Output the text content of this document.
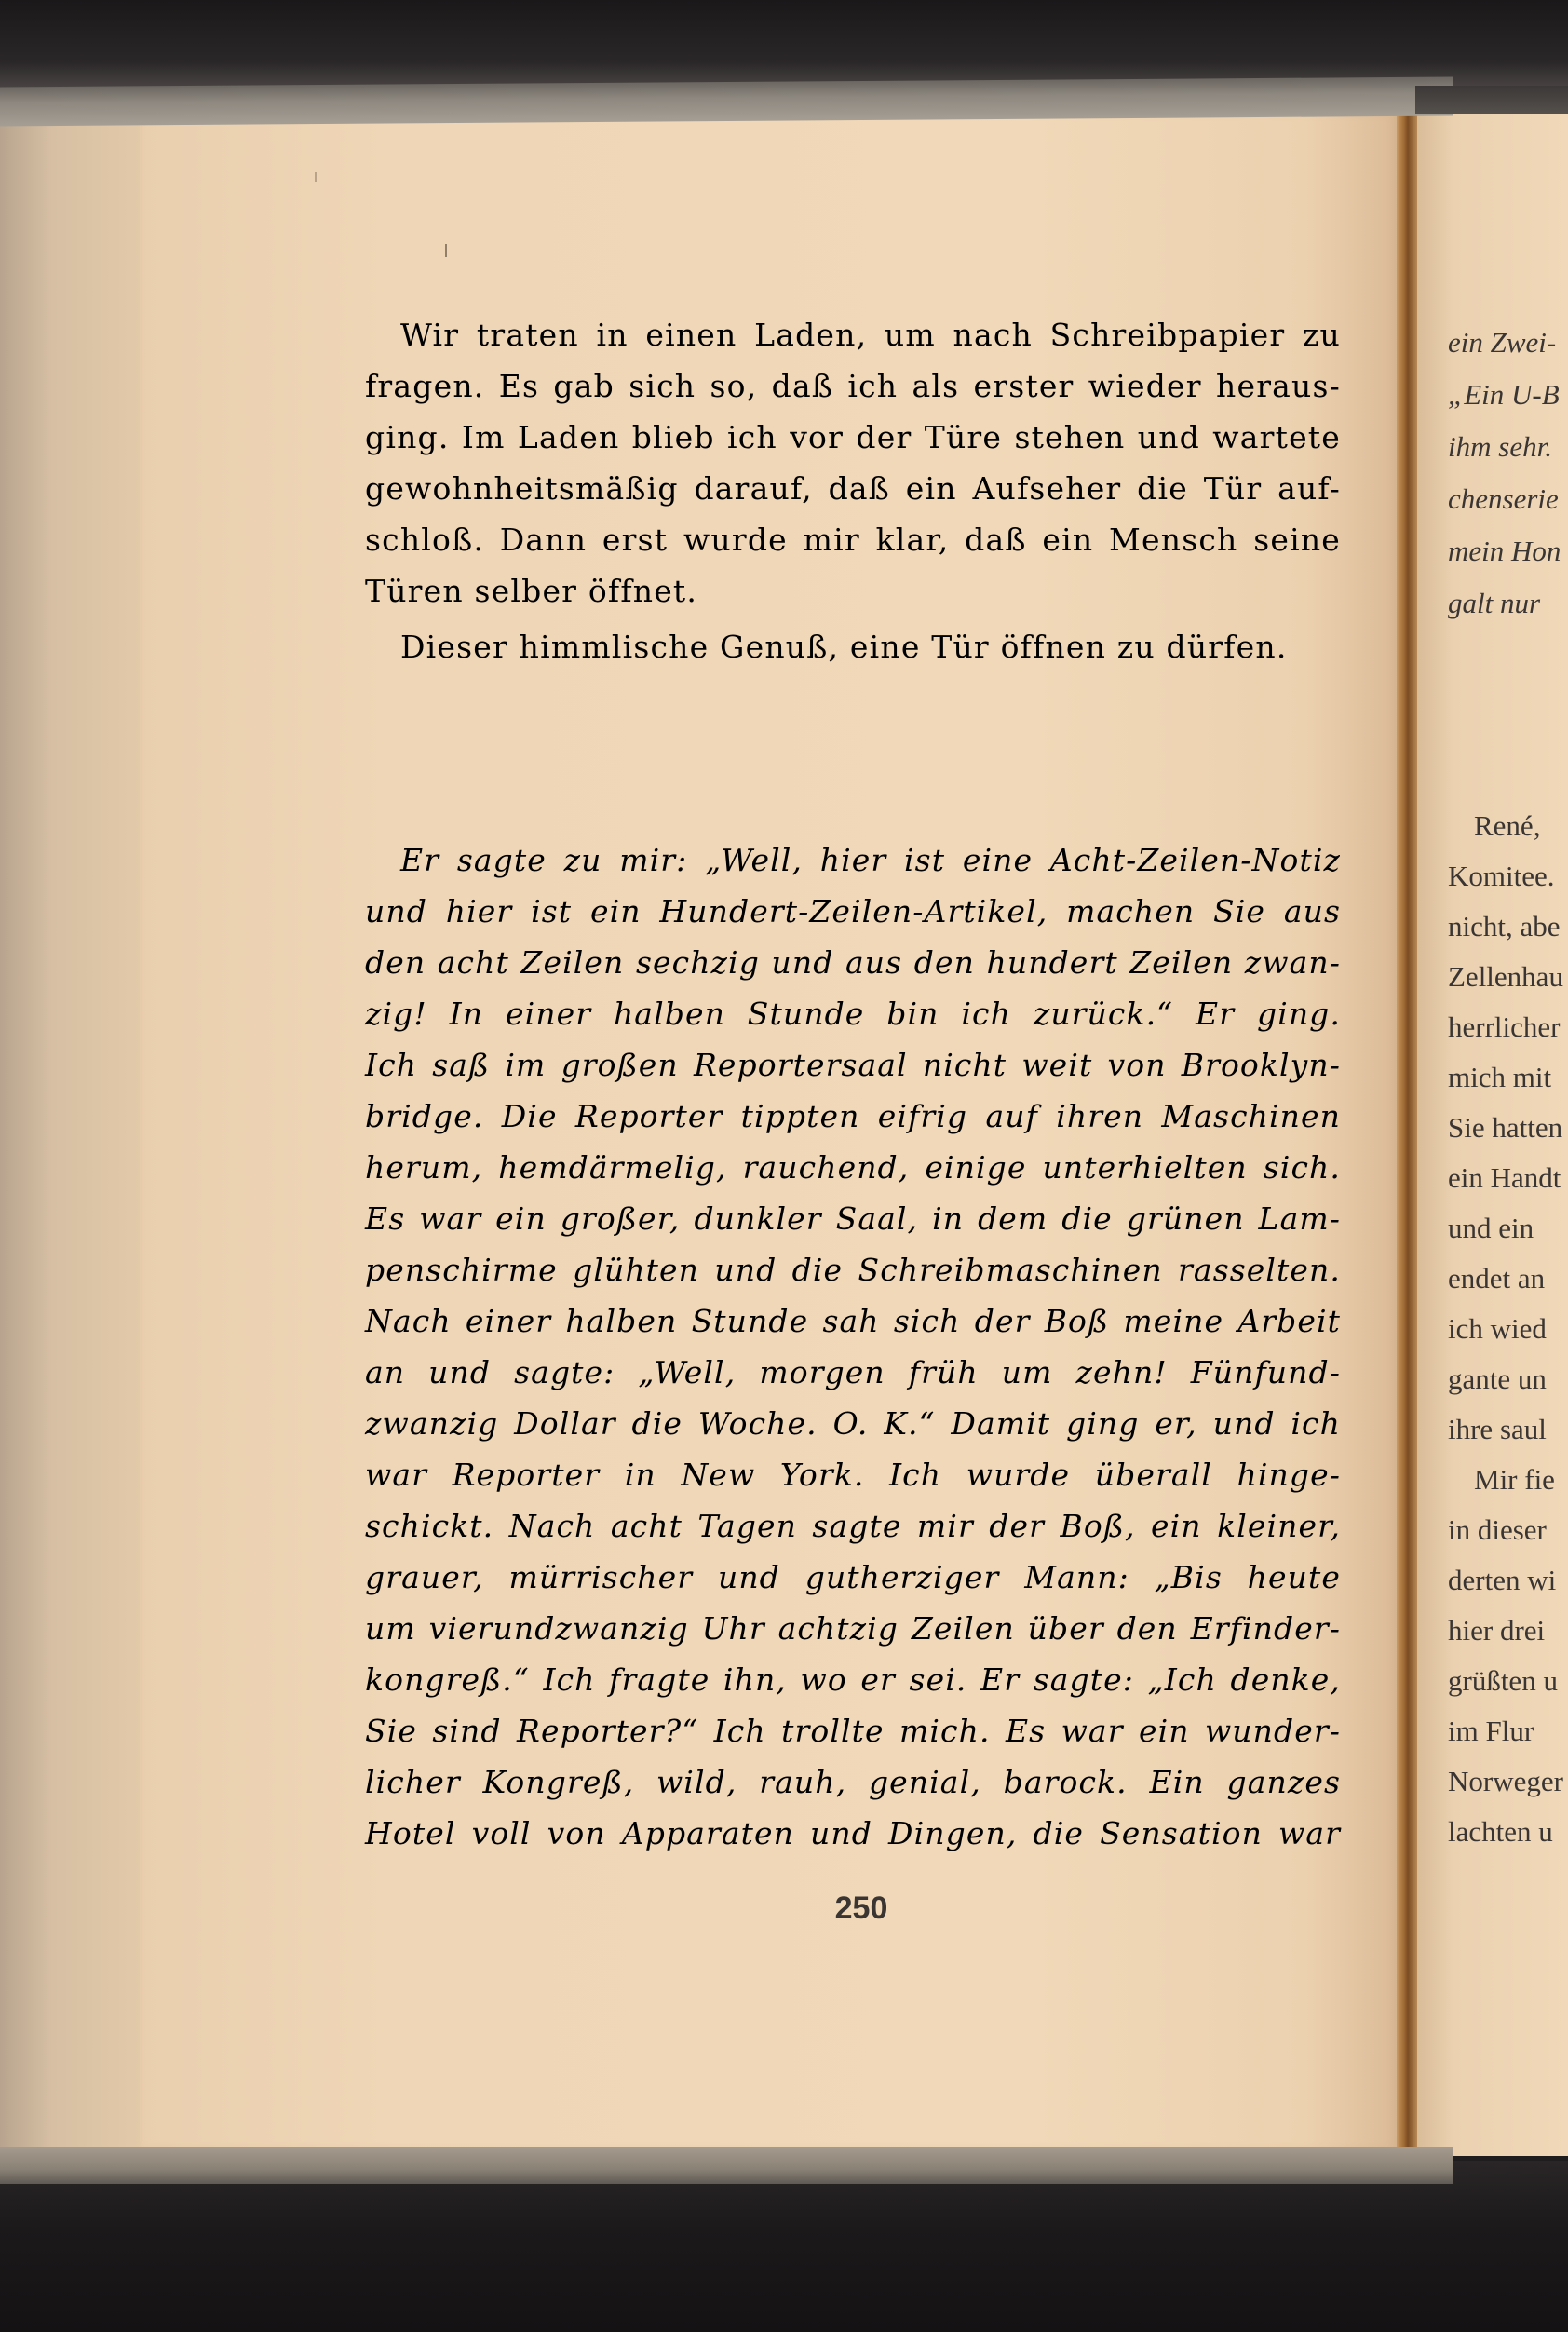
Wir traten in einen Laden, um nach Schreibpapier zu
fragen. Es gab sich so, daß ich als erster wieder heraus-
ging. Im Laden blieb ich vor der Türe stehen und wartete
gewohnheitsmäßig darauf, daß ein Aufseher die Tür auf-
schloß. Dann erst wurde mir klar, daß ein Mensch seine
Türen selber öffnet.
Dieser himmlische Genuß, eine Tür öffnen zu dürfen.
Er sagte zu mir: „Well, hier ist eine Acht-Zeilen-Notiz
und hier ist ein Hundert-Zeilen-Artikel, machen Sie aus
den acht Zeilen sechzig und aus den hundert Zeilen zwan-
zig! In einer halben Stunde bin ich zurück.“ Er ging.
Ich saß im großen Reportersaal nicht weit von Brooklyn-
bridge. Die Reporter tippten eifrig auf ihren Maschinen
herum, hemdärmelig, rauchend, einige unterhielten sich.
Es war ein großer, dunkler Saal, in dem die grünen Lam-
penschirme glühten und die Schreibmaschinen rasselten.
Nach einer halben Stunde sah sich der Boß meine Arbeit
an und sagte: „Well, morgen früh um zehn! Fünfund-
zwanzig Dollar die Woche. O. K.“ Damit ging er, und ich
war Reporter in New York. Ich wurde überall hinge-
schickt. Nach acht Tagen sagte mir der Boß, ein kleiner,
grauer, mürrischer und gutherziger Mann: „Bis heute
um vierundzwanzig Uhr achtzig Zeilen über den Erfinder-
kongreß.“ Ich fragte ihn, wo er sei. Er sagte: „Ich denke,
Sie sind Reporter?“ Ich trollte mich. Es war ein wunder-
licher Kongreß, wild, rauh, genial, barock. Ein ganzes
Hotel voll von Apparaten und Dingen, die Sensation war
250
ein Zwei-
„Ein U-B
ihm sehr.
chenserie
mein Hon
galt nur
René,
Komitee.
nicht, abe
Zellenhau
herrlicher
mich mit
Sie hatten
ein Handt
und ein
endet an
ich wied
gante un
ihre saul
Mir fie
in dieser
derten wi
hier drei
grüßten u
im Flur
Norweger
lachten u
